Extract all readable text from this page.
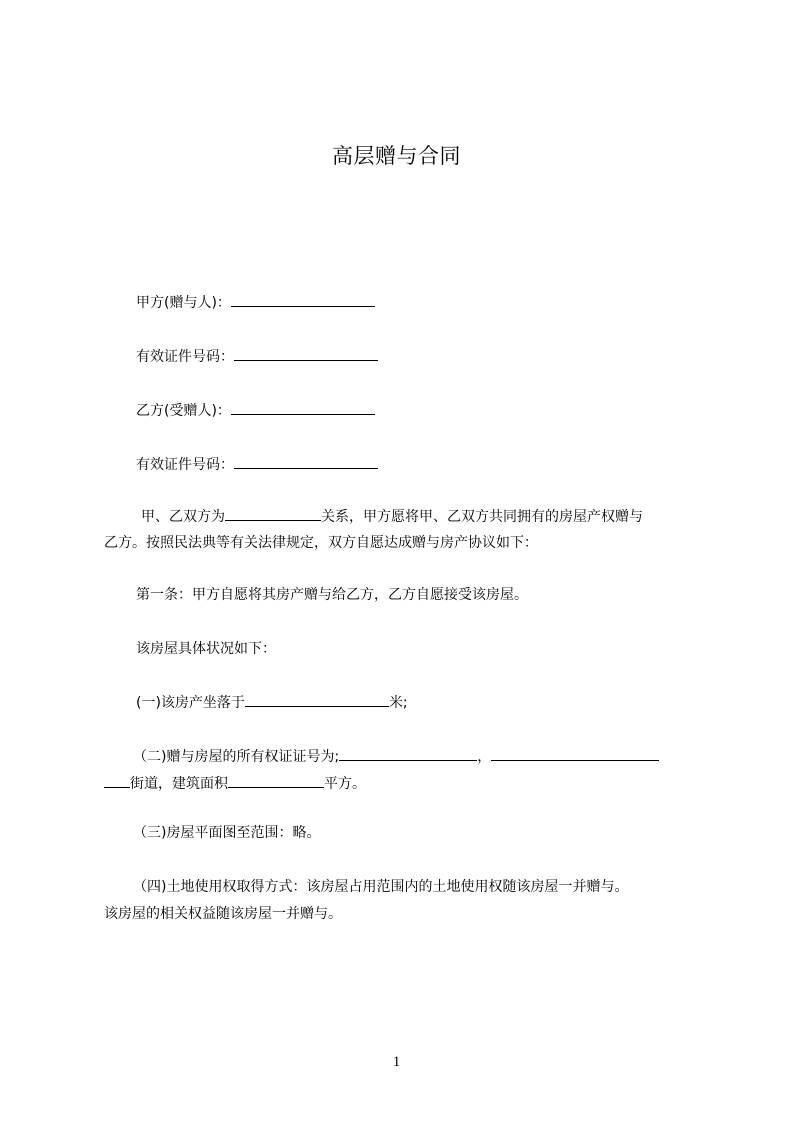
高层赠与合同
甲方(赠与人)：
有效证件号码：
乙方(受赠人)：
有效证件号码：
甲、乙双方为	关系，甲方愿将甲、乙双方共同拥有的房屋产权赠与
乙方。按照民法典等有关法律规定，双方自愿达成赠与房产协议如下：
第一条：甲方自愿将其房产赠与给乙方，乙方自愿接受该房屋。
该房屋具体状况如下：
(一)该房产坐落于	米;
（二)赠与房屋的所有权证证号为;	，
街道，建筑面积	平方。
（三)房屋平面图至范围：略。
（四)土地使用权取得方式：该房屋占用范围内的土地使用权随该房屋一并赠与。
该房屋的相关权益随该房屋一并赠与。
1
